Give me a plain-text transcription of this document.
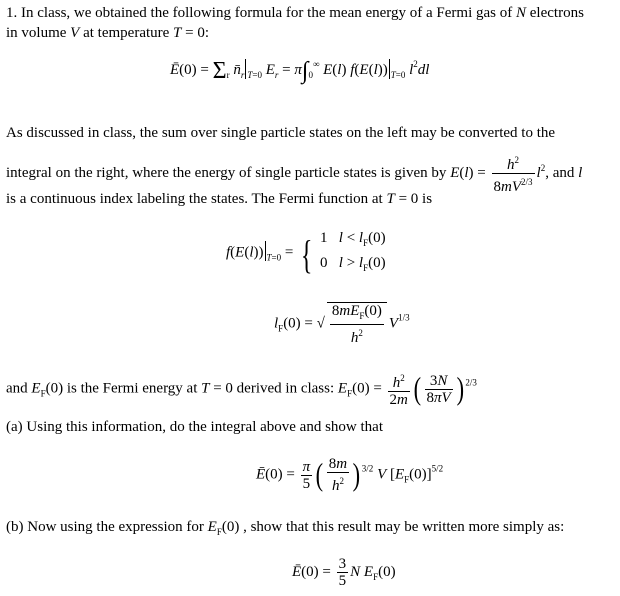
1. In class, we obtained the following formula for the mean energy of a Fermi gas of N electrons
in volume V at temperature T = 0:
Ē(0) = $\Sigma_r$ $n̄_r$ $_{T=0}$ $E_r = \pi\int_0^\infty$ E(l) f(E(l)) $_{T=0}$ $l^2dl$
As discussed in class, the sum over single particle states on the left may be converted to the
integral on the right, where the energy of single particle states is given by $E(l) = \frac{h^2}{8mV^{2/3}} l^2$, and l
is a continuous index labeling the states. The Fermi function at T = 0 is
f(E(l)) $_{T=0}$ = { 1   $l < l_F(0)$
0   $l > l_F(0)$
$l_F(0)$ = √ $\frac{8mE_F(0)}{h^2} V^{1/3}$
and $E_F(0)$ is the Fermi energy at T = 0 derived in class: $E_F(0) = \frac{h^2}{2m}$ ( $\frac{3N}{8\pi V}$ ) $^{2/3}$
(a) Using this information, do the integral above and show that
Ē(0) = $\frac{\pi}{5}$ ( $\frac{8m}{h^2}$ ) $^{3/2}$ V $[E_F(0)]^{5/2}$
(b) Now using the expression for $E_F(0)$ , show that this result may be written more simply as:
Ē(0) = $\frac{3}{5}$ N $E_F(0)$
